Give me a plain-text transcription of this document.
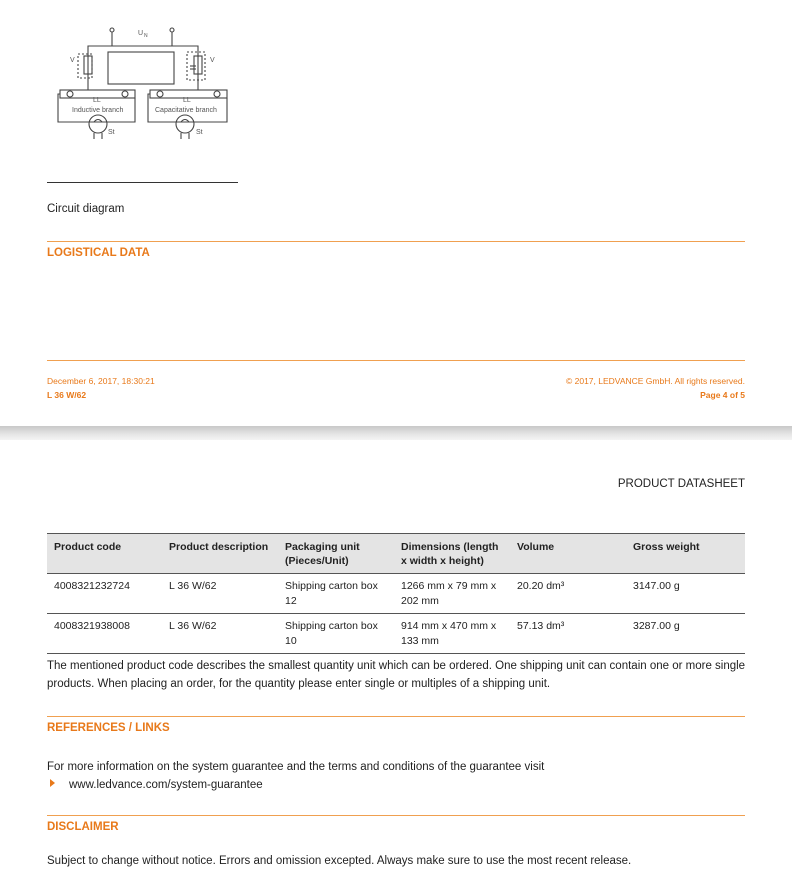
U N
V	V
LL	LL
Inductive branch	Capacitative branch
St	St
Circuit diagram
LOGISTICAL DATA
December 6, 2017, 18:30:21
L 36 W/62
© 2017, LEDVANCE GmbH. All rights reserved.
Page 4 of 5
PRODUCT DATASHEET
Product code	Product description	Packaging unit (Pieces/Unit)	Dimensions (length x width x height)	Volume	Gross weight
4008321232724	L 36 W/62	Shipping carton box 12	1266 mm x 79 mm x 202 mm	20.20 dm³	3147.00 g
4008321938008	L 36 W/62	Shipping carton box 10	914 mm x 470 mm x 133 mm	57.13 dm³	3287.00 g
The mentioned product code describes the smallest quantity unit which can be ordered. One shipping unit can contain one or more single products. When placing an order, for the quantity please enter single or multiples of a shipping unit.
REFERENCES / LINKS
For more information on the system guarantee and the terms and conditions of the guarantee visit
www.ledvance.com/system-guarantee
DISCLAIMER
Subject to change without notice. Errors and omission excepted. Always make sure to use the most recent release.
